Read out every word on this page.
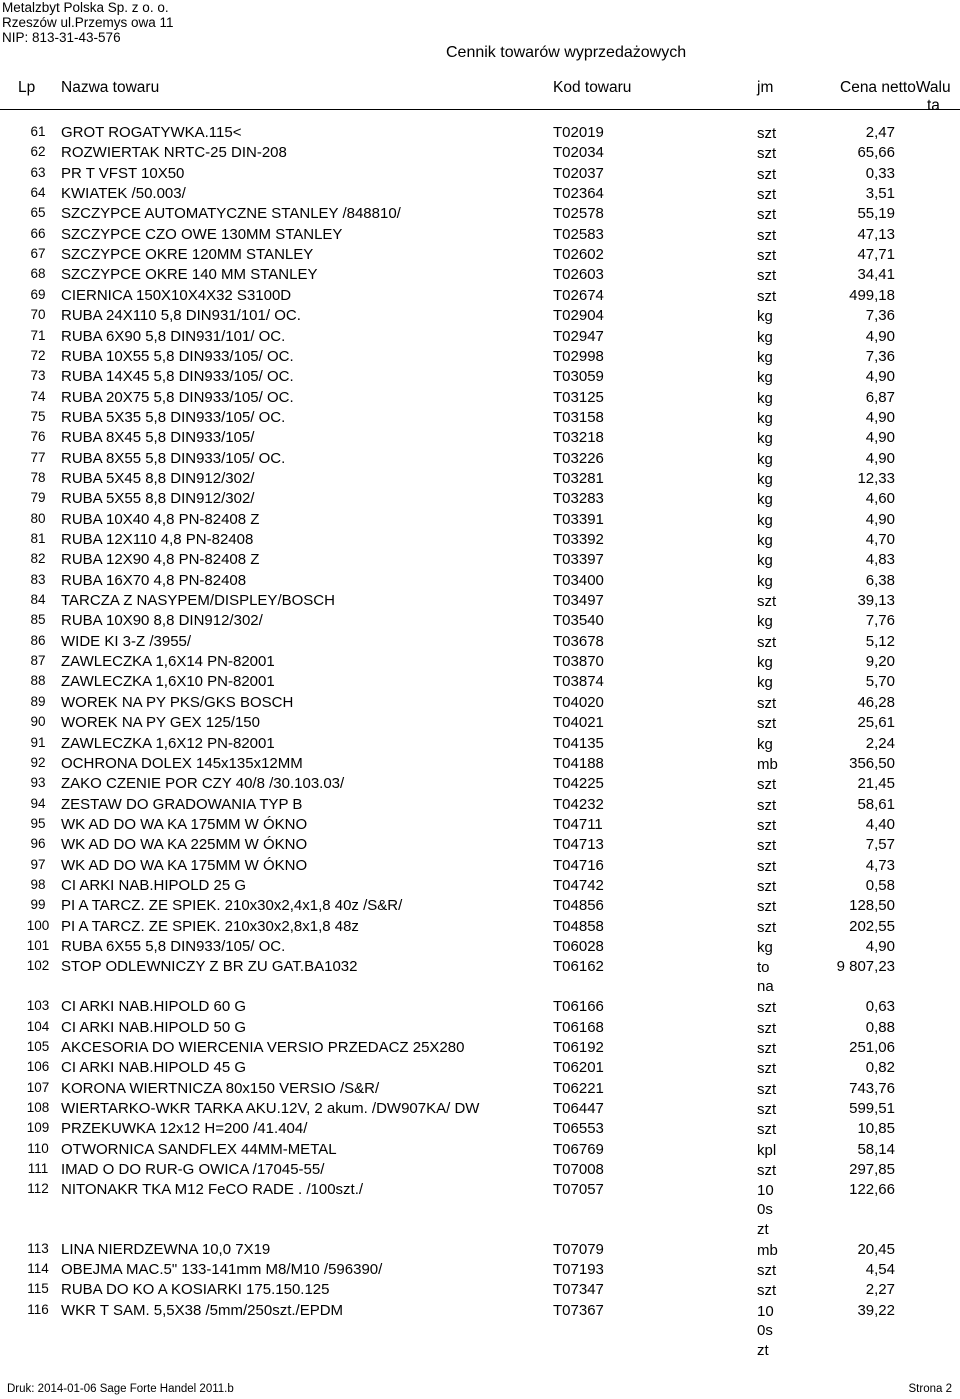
Metalzbyt Polska Sp. z o. o.
Rzeszów ul.Przemys owa 11
NIP: 813-31-43-576
Cennik towarów wyprzedażowych
Lp Nazwa towaru	Kod towaru	jm	Cena nettoWalu
ta
61	GROT ROGATYWKA.115<	T02019	szt	2,47
62	ROZWIERTAK NRTC-25 DIN-208	T02034	szt	65,66
63	PR T VFST 10X50	T02037	szt	0,33
64	KWIATEK /50.003/	T02364	szt	3,51
65	SZCZYPCE AUTOMATYCZNE STANLEY /848810/	T02578	szt	55,19
66	SZCZYPCE CZO OWE 130MM STANLEY	T02583	szt	47,13
67	SZCZYPCE OKRE 120MM STANLEY	T02602	szt	47,71
68	SZCZYPCE OKRE 140 MM STANLEY	T02603	szt	34,41
69	CIERNICA 150X10X4X32 S3100D	T02674	szt	499,18
70	RUBA 24X110 5,8 DIN931/101/ OC.	T02904	kg	7,36
71	RUBA 6X90 5,8 DIN931/101/ OC.	T02947	kg	4,90
72	RUBA 10X55 5,8 DIN933/105/ OC.	T02998	kg	7,36
73	RUBA 14X45 5,8 DIN933/105/ OC.	T03059	kg	4,90
74	RUBA 20X75 5,8 DIN933/105/ OC.	T03125	kg	6,87
75	RUBA 5X35 5,8 DIN933/105/ OC.	T03158	kg	4,90
76	RUBA 8X45 5,8 DIN933/105/	T03218	kg	4,90
77	RUBA 8X55 5,8 DIN933/105/ OC.	T03226	kg	4,90
78	RUBA 5X45 8,8 DIN912/302/	T03281	kg	12,33
79	RUBA 5X55 8,8 DIN912/302/	T03283	kg	4,60
80	RUBA 10X40 4,8 PN-82408 Z	T03391	kg	4,90
81	RUBA 12X110 4,8 PN-82408	T03392	kg	4,70
82	RUBA 12X90 4,8 PN-82408 Z	T03397	kg	4,83
83	RUBA 16X70 4,8 PN-82408	T03400	kg	6,38
84	TARCZA Z NASYPEM/DISPLEY/BOSCH	T03497	szt	39,13
85	RUBA 10X90 8,8 DIN912/302/	T03540	kg	7,76
86	WIDE KI 3-Z /3955/	T03678	szt	5,12
87	ZAWLECZKA 1,6X14 PN-82001	T03870	kg	9,20
88	ZAWLECZKA 1,6X10 PN-82001	T03874	kg	5,70
89	WOREK NA PY PKS/GKS BOSCH	T04020	szt	46,28
90	WOREK NA PY GEX 125/150	T04021	szt	25,61
91	ZAWLECZKA 1,6X12 PN-82001	T04135	kg	2,24
92	OCHRONA DOLEX 145x135x12MM	T04188	mb	356,50
93	ZAKO CZENIE POR CZY 40/8 /30.103.03/	T04225	szt	21,45
94	ZESTAW DO GRADOWANIA TYP B	T04232	szt	58,61
95	WK AD DO WA KA 175MM W ÓKNO	T04711	szt	4,40
96	WK AD DO WA KA 225MM W ÓKNO	T04713	szt	7,57
97	WK AD DO WA KA 175MM W ÓKNO	T04716	szt	4,73
98	CI ARKI NAB.HIPOLD 25 G	T04742	szt	0,58
99	PI A TARCZ. ZE SPIEK. 210x30x2,4x1,8 40z /S&R/	T04856	szt	128,50
100 PI A TARCZ. ZE SPIEK. 210x30x2,8x1,8 48z	T04858	szt	202,55
101 RUBA 6X55 5,8 DIN933/105/ OC.	T06028	kg	4,90
102 STOP ODLEWNICZY Z BR ZU GAT.BA1032	T06162	to	9 807,23
na
103 CI ARKI NAB.HIPOLD 60 G	T06166	szt	0,63
104 CI ARKI NAB.HIPOLD 50 G	T06168	szt	0,88
105 AKCESORIA DO WIERCENIA VERSIO PRZEDACZ 25X280	T06192	szt	251,06
106 CI ARKI NAB.HIPOLD 45 G	T06201	szt	0,82
107 KORONA WIERTNICZA 80x150 VERSIO /S&R/	T06221	szt	743,76
108 WIERTARKO-WKR TARKA AKU.12V, 2 akum. /DW907KA/ DW	T06447	szt	599,51
109 PRZEKUWKA 12x12 H=200 /41.404/	T06553	szt	10,85
110 OTWORNICA SANDFLEX 44MM-METAL	T06769	kpl	58,14
111 IMAD O DO RUR-G OWICA /17045-55/	T07008	szt	297,85
112 NITONAKR TKA M12 FeCO RADE . /100szt./	T07057	10	122,66
0s
zt
113 LINA NIERDZEWNA 10,0 7X19	T07079	mb	20,45
114 OBEJMA MAC.5" 133-141mm M8/M10 /596390/	T07193	szt	4,54
115 RUBA DO KO A KOSIARKI 175.150.125	T07347	szt	2,27
116 WKR T SAM. 5,5X38 /5mm/250szt./EPDM	T07367	10	39,22
0s
zt
Druk: 2014-01-06 Sage Forte Handel 2011.b	Strona 2
